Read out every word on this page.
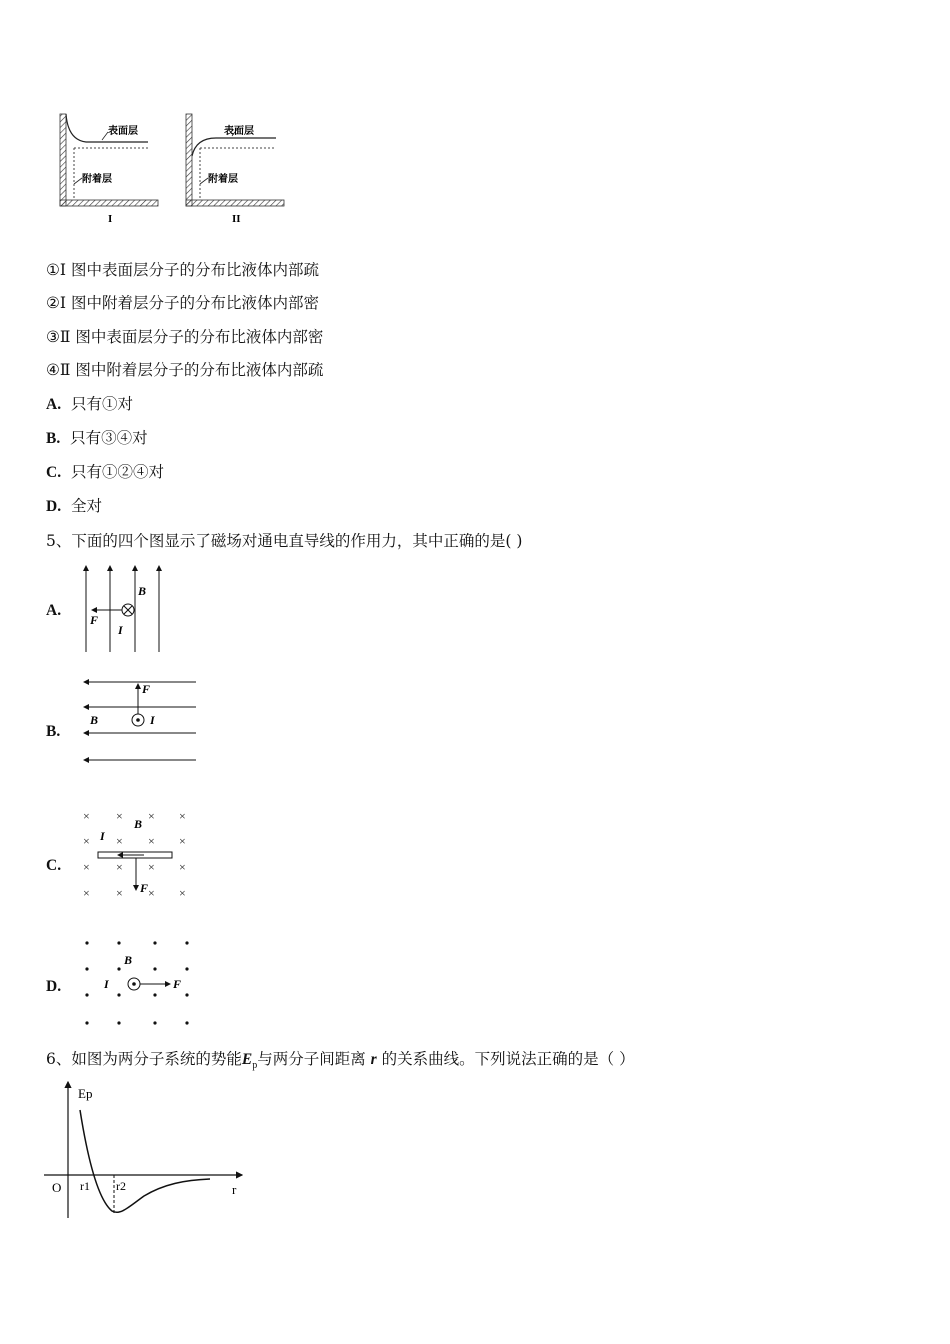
表面层
附着层
I
表面层
附着层
II
①Ⅰ 图中表面层分子的分布比液体内部疏
②Ⅰ 图中附着层分子的分布比液体内部密
③Ⅱ 图中表面层分子的分布比液体内部密
④Ⅱ 图中附着层分子的分布比液体内部疏
A. 只有①对
B. 只有③④对
C. 只有①②④对
D. 全对
5、下面的四个图显示了磁场对通电直导线的作用力，其中正确的是( )
A.
B
F
I
B.
F
B	I
C.
× × × ×
× × × ×
× × × ×
× × × ×
B
I
F
D.
B
I	F
6、如图为两分子系统的势能$E_p$与两分子间距离 r 的关系曲线。下列说法正确的是（ ）
Ep
r
O r1 r2
